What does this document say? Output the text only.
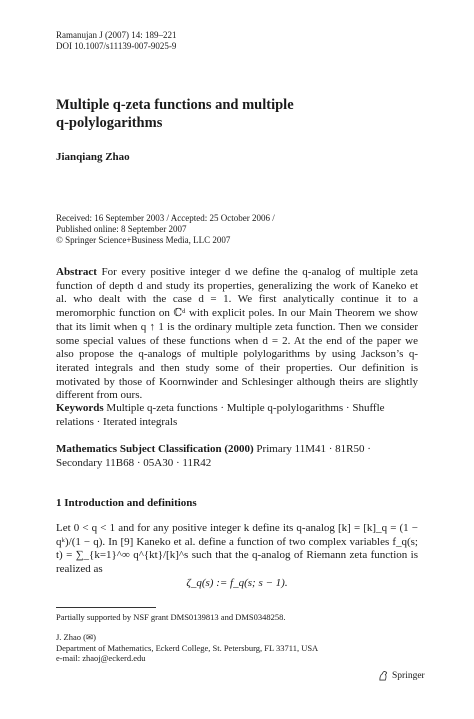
Ramanujan J (2007) 14: 189–221
DOI 10.1007/s11139-007-9025-9
Multiple q-zeta functions and multiple
q-polylogarithms
Jianqiang Zhao
Received: 16 September 2003 / Accepted: 25 October 2006 /
Published online: 8 September 2007
© Springer Science+Business Media, LLC 2007
Abstract For every positive integer d we define the q-analog of multiple zeta function of depth d and study its properties, generalizing the work of Kaneko et al. who dealt with the case d = 1. We first analytically continue it to a meromorphic function on ℂᵈ with explicit poles. In our Main Theorem we show that its limit when q ↑ 1 is the ordinary multiple zeta function. Then we consider some special values of these functions when d = 2. At the end of the paper we also propose the q-analogs of multiple polylogarithms by using Jackson’s q-iterated integrals and then study some of their properties. Our definition is motivated by those of Koornwinder and Schlesinger although theirs are slightly different from ours.
Keywords Multiple q-zeta functions · Multiple q-polylogarithms · Shuffle relations · Iterated integrals
Mathematics Subject Classification (2000) Primary 11M41 · 81R50 · Secondary 11B68 · 05A30 · 11R42
1 Introduction and definitions
Let 0 < q < 1 and for any positive integer k define its q-analog [k] = [k]_q = (1 − qᵏ)/(1 − q). In [9] Kaneko et al. define a function of two complex variables f_q(s; t) = ∑_{k=1}^∞ q^{kt}/[k]^s such that the q-analog of Riemann zeta function is realized as
ζ_q(s) := f_q(s; s − 1).
Partially supported by NSF grant DMS0139813 and DMS0348258.
J. Zhao (✉)
Department of Mathematics, Eckerd College, St. Petersburg, FL 33711, USA
e-mail: zhaoj@eckerd.edu
Springer
